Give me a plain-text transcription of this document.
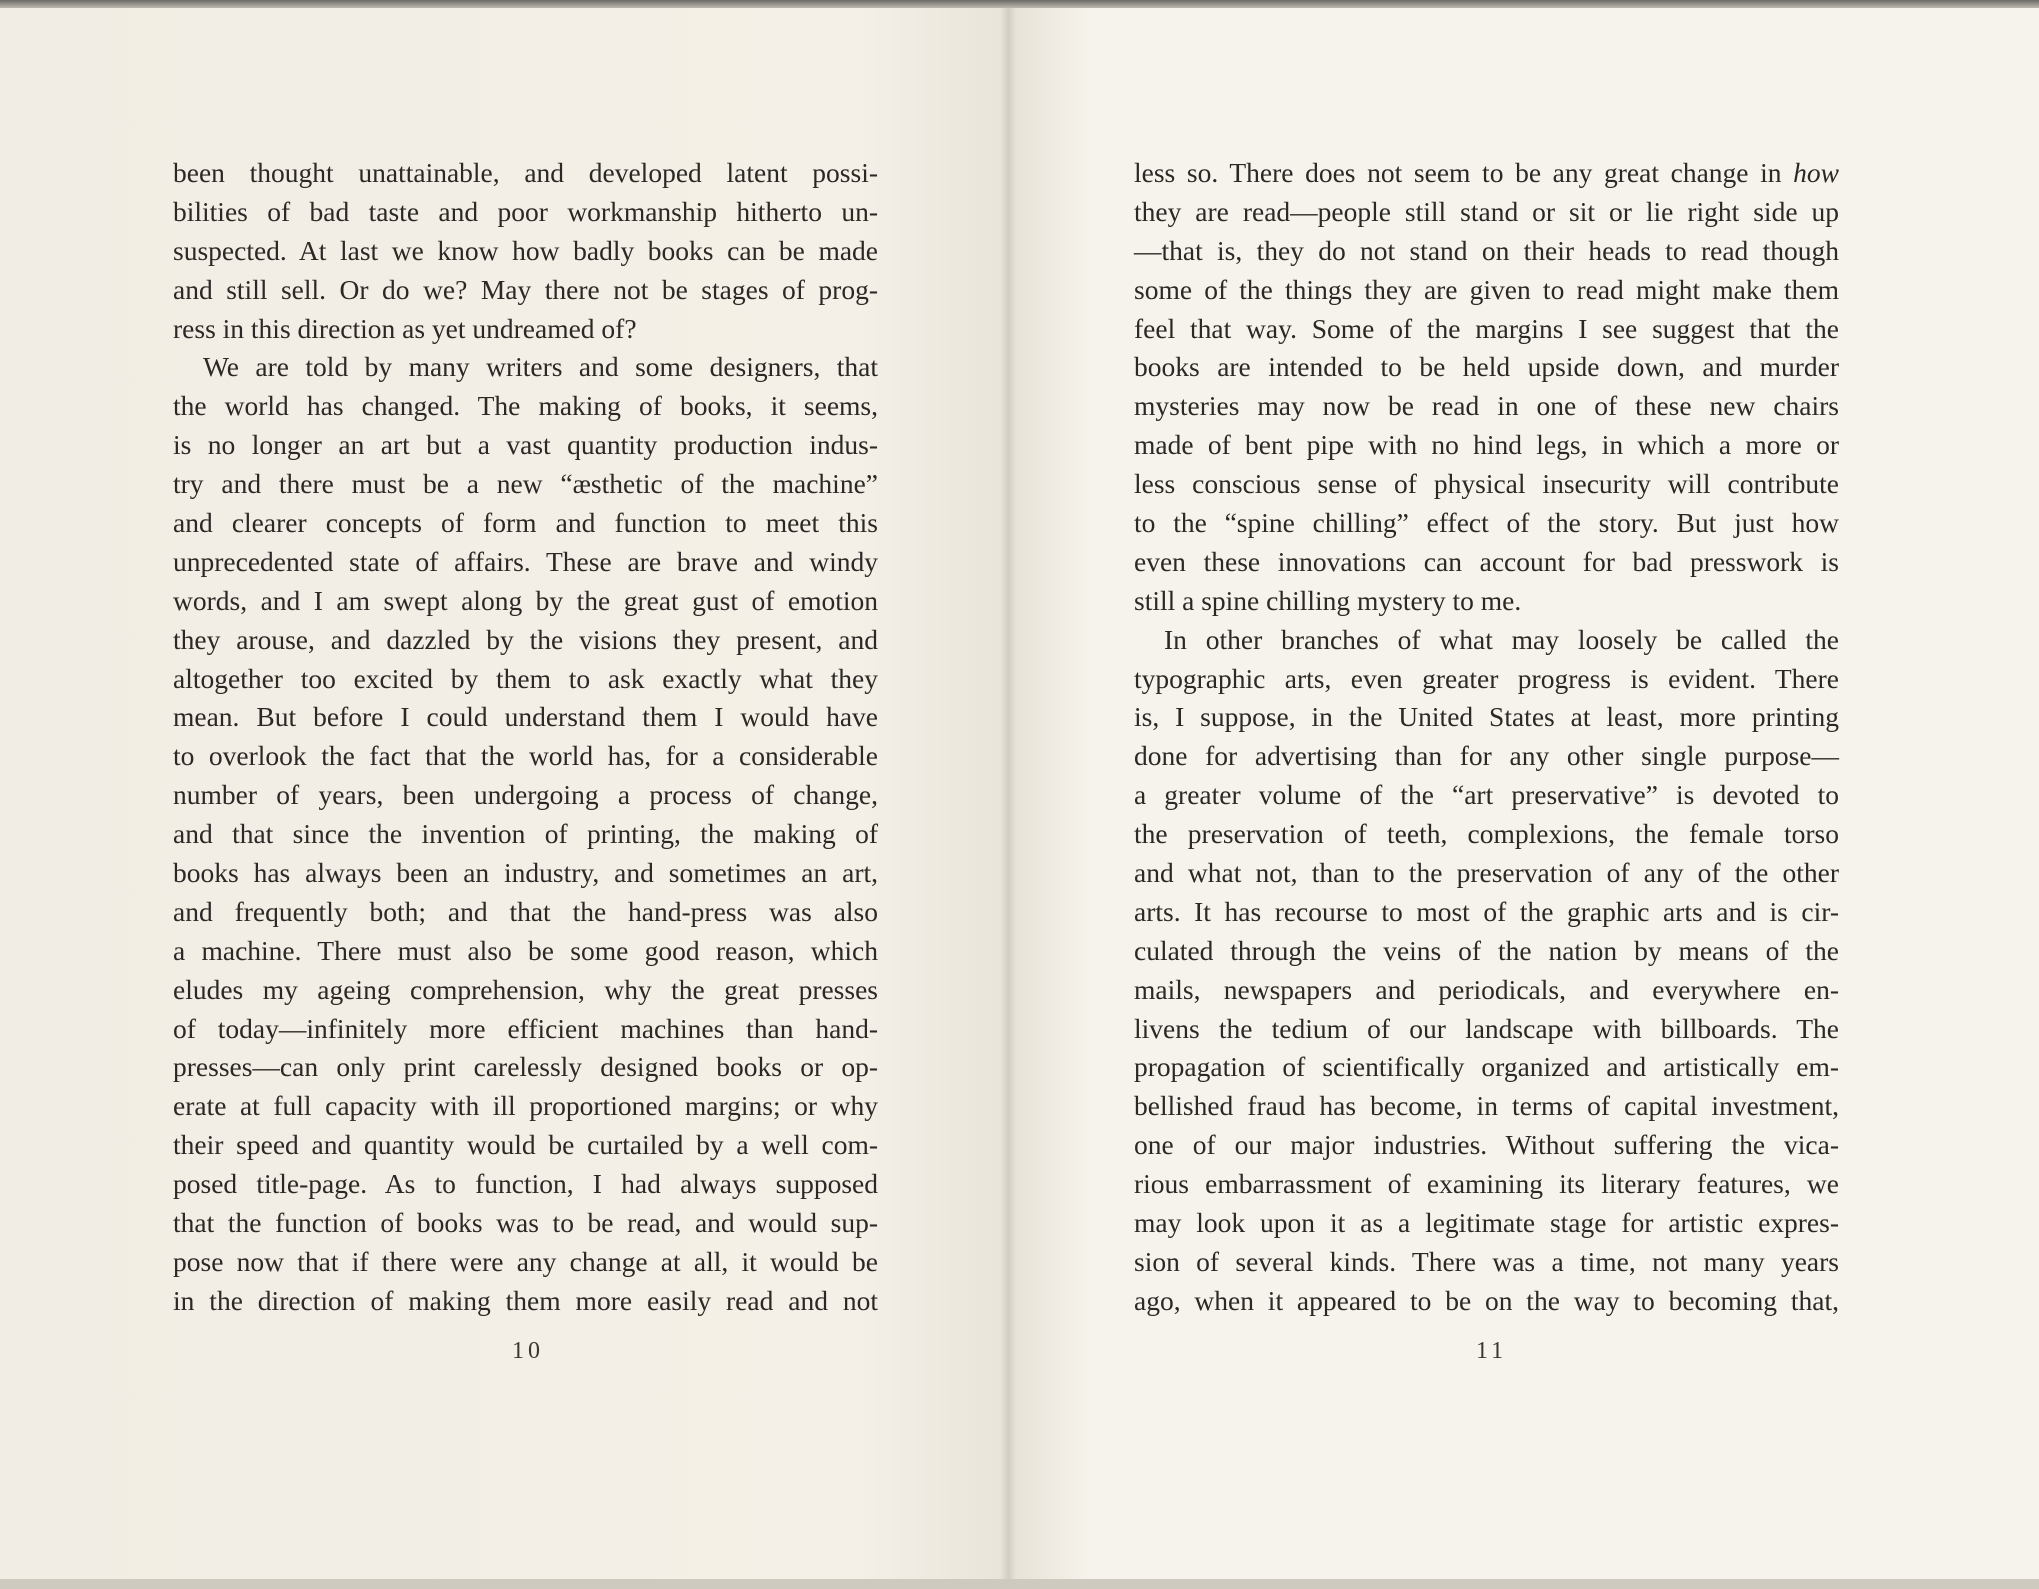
been thought unattainable, and developed latent possi-
bilities of bad taste and poor workmanship hitherto un-
suspected. At last we know how badly books can be made
and still sell. Or do we? May there not be stages of prog-
ress in this direction as yet undreamed of?
We are told by many writers and some designers, that
the world has changed. The making of books, it seems,
is no longer an art but a vast quantity production indus-
try and there must be a new “æsthetic of the machine”
and clearer concepts of form and function to meet this
unprecedented state of affairs. These are brave and windy
words, and I am swept along by the great gust of emotion
they arouse, and dazzled by the visions they present, and
altogether too excited by them to ask exactly what they
mean. But before I could understand them I would have
to overlook the fact that the world has, for a considerable
number of years, been undergoing a process of change,
and that since the invention of printing, the making of
books has always been an industry, and sometimes an art,
and frequently both; and that the hand-press was also
a machine. There must also be some good reason, which
eludes my ageing comprehension, why the great presses
of today—infinitely more efficient machines than hand-
presses—can only print carelessly designed books or op-
erate at full capacity with ill proportioned margins; or why
their speed and quantity would be curtailed by a well com-
posed title-page. As to function, I had always supposed
that the function of books was to be read, and would sup-
pose now that if there were any change at all, it would be
in the direction of making them more easily read and not
10
less so. There does not seem to be any great change in how
they are read—people still stand or sit or lie right side up
—that is, they do not stand on their heads to read though
some of the things they are given to read might make them
feel that way. Some of the margins I see suggest that the
books are intended to be held upside down, and murder
mysteries may now be read in one of these new chairs
made of bent pipe with no hind legs, in which a more or
less conscious sense of physical insecurity will contribute
to the “spine chilling” effect of the story. But just how
even these innovations can account for bad presswork is
still a spine chilling mystery to me.
In other branches of what may loosely be called the
typographic arts, even greater progress is evident. There
is, I suppose, in the United States at least, more printing
done for advertising than for any other single purpose—
a greater volume of the “art preservative” is devoted to
the preservation of teeth, complexions, the female torso
and what not, than to the preservation of any of the other
arts. It has recourse to most of the graphic arts and is cir-
culated through the veins of the nation by means of the
mails, newspapers and periodicals, and everywhere en-
livens the tedium of our landscape with billboards. The
propagation of scientifically organized and artistically em-
bellished fraud has become, in terms of capital investment,
one of our major industries. Without suffering the vica-
rious embarrassment of examining its literary features, we
may look upon it as a legitimate stage for artistic expres-
sion of several kinds. There was a time, not many years
ago, when it appeared to be on the way to becoming that,
11
